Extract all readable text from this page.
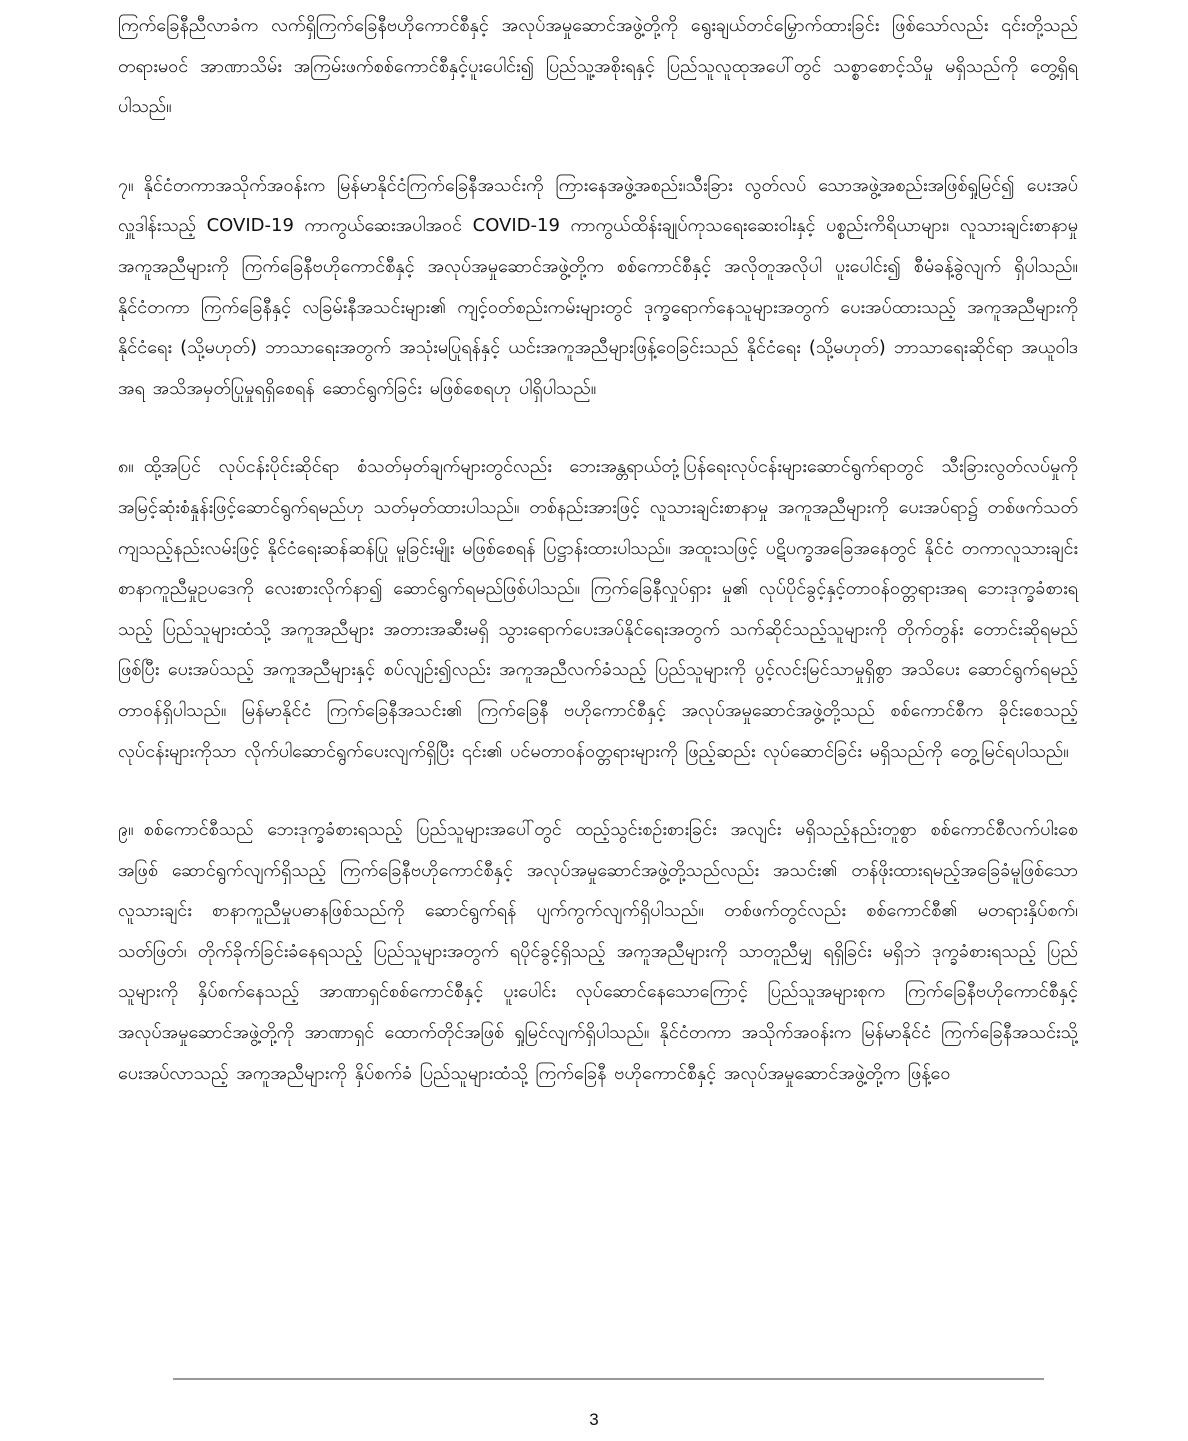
ကြက်ခြေနီညီလာခံက လက်ရှိကြက်ခြေနီဗဟိုကောင်စီနှင့် အလုပ်အမှုဆောင်အဖွဲ့တို့ကို ရွေးချယ်တင်မြှောက်ထားခြင်း ဖြစ်သော်လည်း ၎င်းတို့သည် တရားမဝင် အာဏာသိမ်း အကြမ်းဖက်စစ်ကောင်စီနှင့်ပူးပေါင်း၍ ပြည်သူ့အစိုးရနှင့် ပြည်သူလူထုအပေါ်တွင် သစ္စာစောင့်သိမှု မရှိသည်ကို တွေ့ရှိရပါသည်။

၇။ နိုင်ငံတကာအသိုက်အဝန်းက မြန်မာနိုင်ငံကြက်ခြေနီအသင်းကို ကြားနေအဖွဲ့အစည်း၊သီးခြား လွတ်လပ် သောအဖွဲ့အစည်းအဖြစ်ရှုမြင်၍ ပေးအပ်လှူဒါန်းသည့် COVID-19 ကာကွယ်ဆေးအပါအဝင် COVID-19 ကာကွယ်ထိန်းချုပ်ကုသရေးဆေးဝါးနှင့် ပစ္စည်းကိရိယာများ၊ လူသားချင်းစာနာမှုအကူအညီများကို ကြက်ခြေနီဗဟိုကောင်စီနှင့် အလုပ်အမှုဆောင်အဖွဲ့တို့က စစ်ကောင်စီနှင့် အလိုတူအလိုပါ ပူးပေါင်း၍ စီမံခန့်ခွဲလျက် ရှိပါသည်။ နိုင်ငံတကာ ကြက်ခြေနီနှင့် လခြမ်းနီအသင်းများ၏ ကျင့်ဝတ်စည်းကမ်းများတွင် ဒုက္ခရောက်နေသူများအတွက် ပေးအပ်ထားသည့် အကူအညီများကို နိုင်ငံရေး (သို့မဟုတ်) ဘာသာရေးအတွက် အသုံးမပြုရန်နှင့် ယင်းအကူအညီများဖြန့်ဝေခြင်းသည် နိုင်ငံရေး (သို့မဟုတ်) ဘာသာရေးဆိုင်ရာ အယူဝါဒအရ အသိအမှတ်ပြုမှုရရှိစေရန် ဆောင်ရွက်ခြင်း မဖြစ်စေရဟု ပါရှိပါသည်။

၈။ ထို့အပြင် လုပ်ငန်းပိုင်းဆိုင်ရာ စံသတ်မှတ်ချက်များတွင်လည်း ဘေးအန္တရာယ်တုံ့ပြန်ရေးလုပ်ငန်းများဆောင်ရွက်ရာတွင် သီးခြားလွတ်လပ်မှုကို အမြင့်ဆုံးစံနှုန်းဖြင့်ဆောင်ရွက်ရမည်ဟု သတ်မှတ်ထားပါသည်။ တစ်နည်းအားဖြင့် လူသားချင်းစာနာမှု အကူအညီများကို ပေးအပ်ရာ၌ တစ်ဖက်သတ်ကျသည့်နည်းလမ်းဖြင့် နိုင်ငံရေးဆန်ဆန်ပြု မူခြင်းမျိုး မဖြစ်စေရန် ပြဋ္ဌာန်းထားပါသည်။ အထူးသဖြင့် ပဋိပက္ခအခြေအနေတွင် နိုင်ငံ တကာလူသားချင်းစာနာကူညီမှုဥပဒေကို လေးစားလိုက်နာ၍ ဆောင်ရွက်ရမည်ဖြစ်ပါသည်။ ကြက်ခြေနီလှုပ်ရှား မှု၏ လုပ်ပိုင်ခွင့်နှင့်တာဝန်ဝတ္တရားအရ ဘေးဒုက္ခခံစားရသည့် ပြည်သူများထံသို့ အကူအညီများ အတားအဆီးမရှိ သွားရောက်ပေးအပ်နိုင်ရေးအတွက် သက်ဆိုင်သည့်သူများကို တိုက်တွန်း တောင်းဆိုရမည်ဖြစ်ပြီး ပေးအပ်သည့် အကူအညီများနှင့် စပ်လျဉ်း၍လည်း အကူအညီလက်ခံသည့် ပြည်သူများကို ပွင့်လင်းမြင်သာမှုရှိစွာ အသိပေး ဆောင်ရွက်ရမည့် တာဝန်ရှိပါသည်။ မြန်မာနိုင်ငံ ကြက်ခြေနီအသင်း၏ ကြက်ခြေနီ ဗဟိုကောင်စီနှင့် အလုပ်အမှုဆောင်အဖွဲ့တို့သည် စစ်ကောင်စီက ခိုင်းစေသည့် လုပ်ငန်းများကိုသာ လိုက်ပါဆောင်ရွက်ပေးလျက်ရှိပြီး ၎င်း၏ ပင်မတာဝန်ဝတ္တရားများကို ဖြည့်ဆည်း လုပ်ဆောင်ခြင်း မရှိသည်ကို တွေ့မြင်ရပါသည်။

၉။ စစ်ကောင်စီသည် ဘေးဒုက္ခခံစားရသည့် ပြည်သူများအပေါ်တွင် ထည့်သွင်းစဉ်းစားခြင်း အလျင်း မရှိသည့်နည်းတူစွာ စစ်ကောင်စီလက်ပါးစေအဖြစ် ဆောင်ရွက်လျက်ရှိသည့် ကြက်ခြေနီဗဟိုကောင်စီနှင့် အလုပ်အမှုဆောင်အဖွဲ့တို့သည်လည်း အသင်း၏ တန်ဖိုးထားရမည့်အခြေခံမူဖြစ်သော လူသားချင်း စာနာကူညီမှုပဓာနဖြစ်သည်ကို ဆောင်ရွက်ရန် ပျက်ကွက်လျက်ရှိပါသည်။ တစ်ဖက်တွင်လည်း စစ်ကောင်စီ၏ မတရားနှိပ်စက်၊ သတ်ဖြတ်၊ တိုက်ခိုက်ခြင်းခံနေရသည့် ပြည်သူများအတွက် ရပိုင်ခွင့်ရှိသည့် အကူအညီများကို သာတူညီမျှ ရရှိခြင်း မရှိဘဲ ဒုက္ခခံစားရသည့် ပြည်သူများကို နှိပ်စက်နေသည့် အာဏာရှင်စစ်ကောင်စီနှင့် ပူးပေါင်း လုပ်ဆောင်နေသောကြောင့် ပြည်သူအများစုက ကြက်ခြေနီဗဟိုကောင်စီနှင့် အလုပ်အမှုဆောင်အဖွဲ့တို့ကို အာဏာရှင် ထောက်တိုင်အဖြစ် ရှုမြင်လျက်ရှိပါသည်။ နိုင်ငံတကာ အသိုက်အဝန်းက မြန်မာနိုင်ငံ ကြက်ခြေနီအသင်းသို့ ပေးအပ်လာသည့် အကူအညီများကို နှိပ်စက်ခံ ပြည်သူများထံသို့ ကြက်ခြေနီ ဗဟိုကောင်စီနှင့် အလုပ်အမှုဆောင်အဖွဲ့တို့က ဖြန့်ဝေ

3
